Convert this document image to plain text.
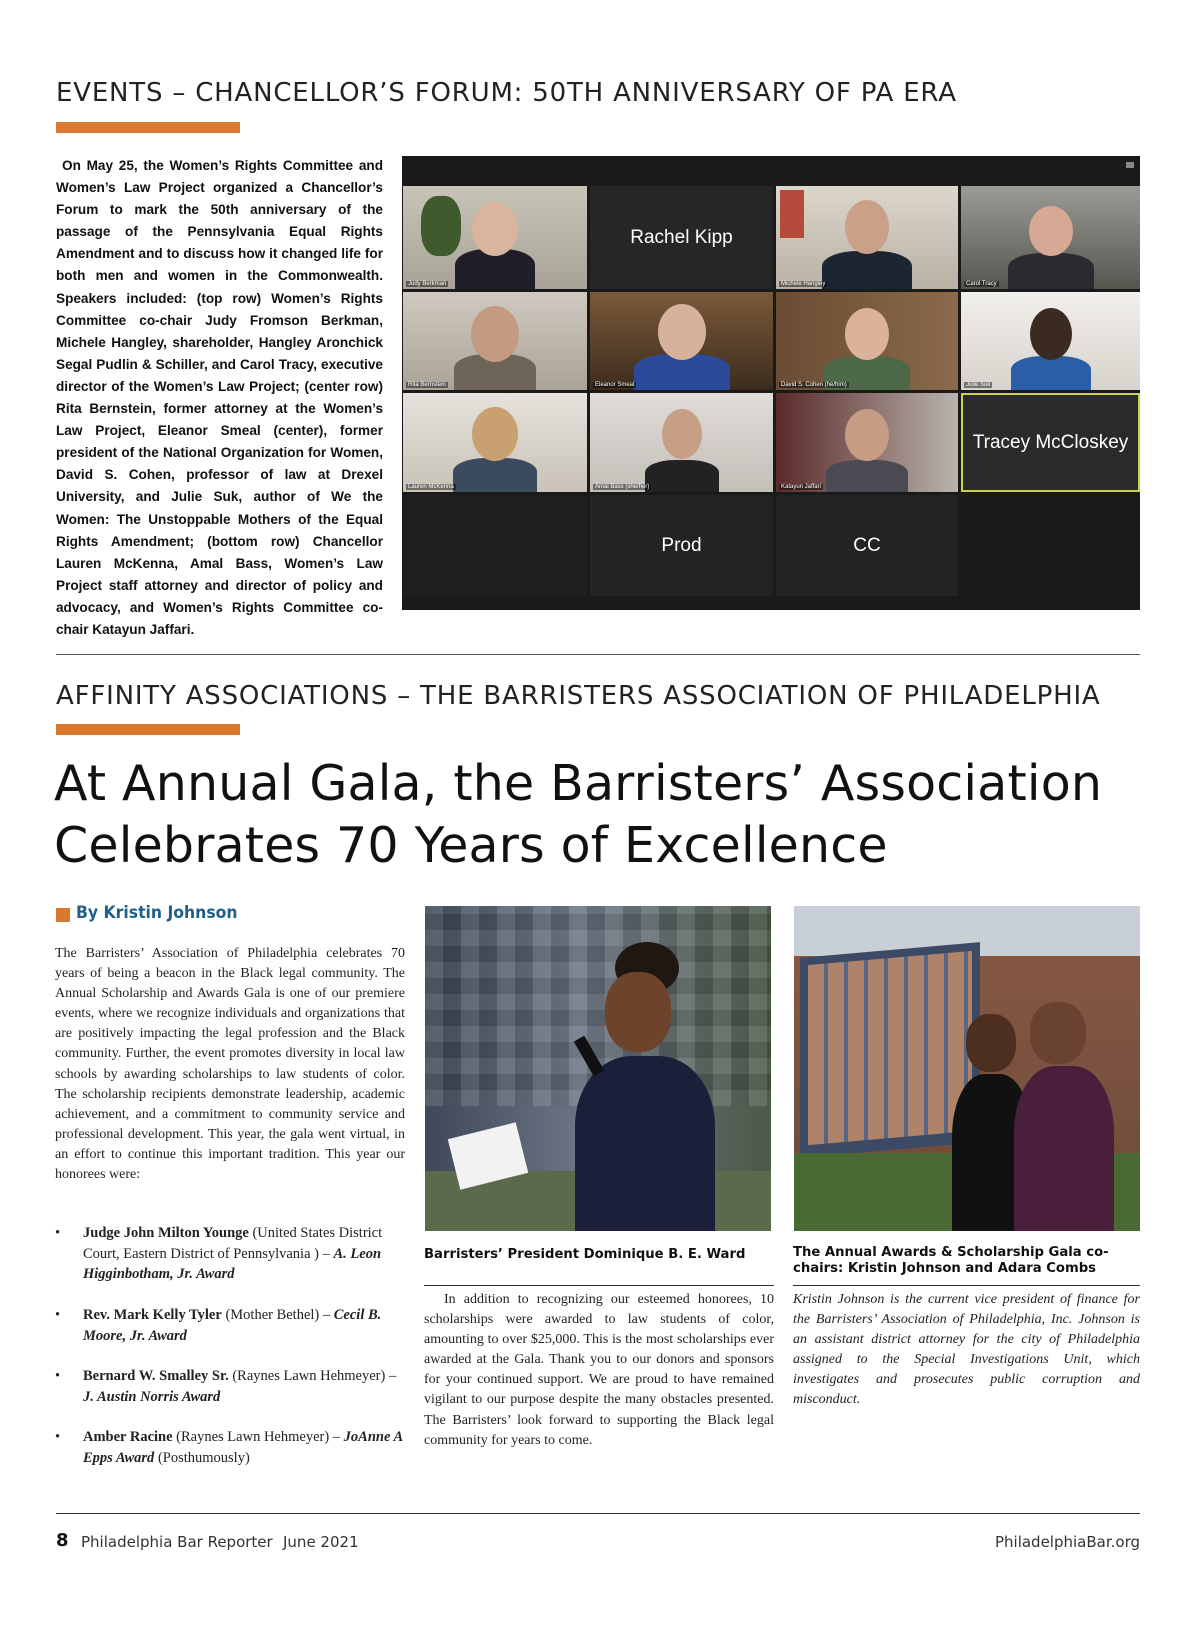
EVENTS – CHANCELLOR’S FORUM: 50TH ANNIVERSARY OF PA ERA
On May 25, the Women’s Rights Committee and Women’s Law Project organized a Chancellor’s Forum to mark the 50th anniversary of the passage of the Pennsylvania Equal Rights Amendment and to discuss how it changed life for both men and women in the Commonwealth. Speakers included: (top row) Women’s Rights Committee co-chair Judy Fromson Berkman, Michele Hangley, shareholder, Hangley Aronchick Segal Pudlin & Schiller, and Carol Tracy, executive director of the Women’s Law Project; (center row) Rita Bernstein, former attorney at the Women’s Law Project, Eleanor Smeal (center), former president of the National Organization for Women, David S. Cohen, professor of law at Drexel University, and Julie Suk, author of We the Women: The Unstoppable Mothers of the Equal Rights Amendment; (bottom row) Chancellor Lauren McKenna, Amal Bass, Women’s Law Project staff attorney and director of policy and advocacy, and Women’s Rights Committee co-chair Katayun Jaffari.
Judy Berkman
Rachel Kipp
Michele Hangley	Carol Tracy
Rita Bernstein	Eleanor Smeal	David S. Cohen (he/him)	Julie Suk
Lauren McKenna	Amal Bass (she/her)	Katayun Jaffari
Tracey McCloskey
Prod	CC
AFFINITY ASSOCIATIONS – THE BARRISTERS ASSOCIATION OF PHILADELPHIA
At Annual Gala, the Barristers’ Association
Celebrates 70 Years of Excellence
By Kristin Johnson
The Barristers’ Association of Philadelphia celebrates 70 years of being a beacon in the Black legal community. The Annual Scholarship and Awards Gala is one of our premiere events, where we recognize individuals and organizations that are positively impacting the legal profession and the Black community. Further, the event promotes diversity in local law schools by awarding scholarships to law students of color. The scholarship recipients demonstrate leadership, academic achievement, and a commitment to community service and professional development. This year, the gala went virtual, in an effort to continue this important tradition. This year our honorees were:
• Judge John Milton Younge (United States District Court, Eastern District of Pennsylvania ) – A. Leon Higginbotham, Jr. Award
• Rev. Mark Kelly Tyler (Mother Bethel) – Cecil B. Moore, Jr. Award
• Bernard W. Smalley Sr. (Raynes Lawn Hehmeyer) – J. Austin Norris Award
• Amber Racine (Raynes Lawn Hehmeyer) – JoAnne A Epps Award (Posthumously)
Barristers’ President Dominique B. E. Ward
In addition to recognizing our esteemed honorees, 10 scholarships were awarded to law students of color, amounting to over $25,000. This is the most scholarships ever awarded at the Gala. Thank you to our donors and sponsors for your continued support. We are proud to have remained vigilant to our purpose despite the many obstacles presented. The Barristers’ look forward to supporting the Black legal community for years to come.
The Annual Awards & Scholarship Gala co-chairs: Kristin Johnson and Adara Combs
Kristin Johnson is the current vice president of finance for the Barristers’ Association of Philadelphia, Inc. Johnson is an assistant district attorney for the city of Philadelphia assigned to the Special Investigations Unit, which investigates and prosecutes public corruption and misconduct.
8 Philadelphia Bar Reporter June 2021	PhiladelphiaBar.org
